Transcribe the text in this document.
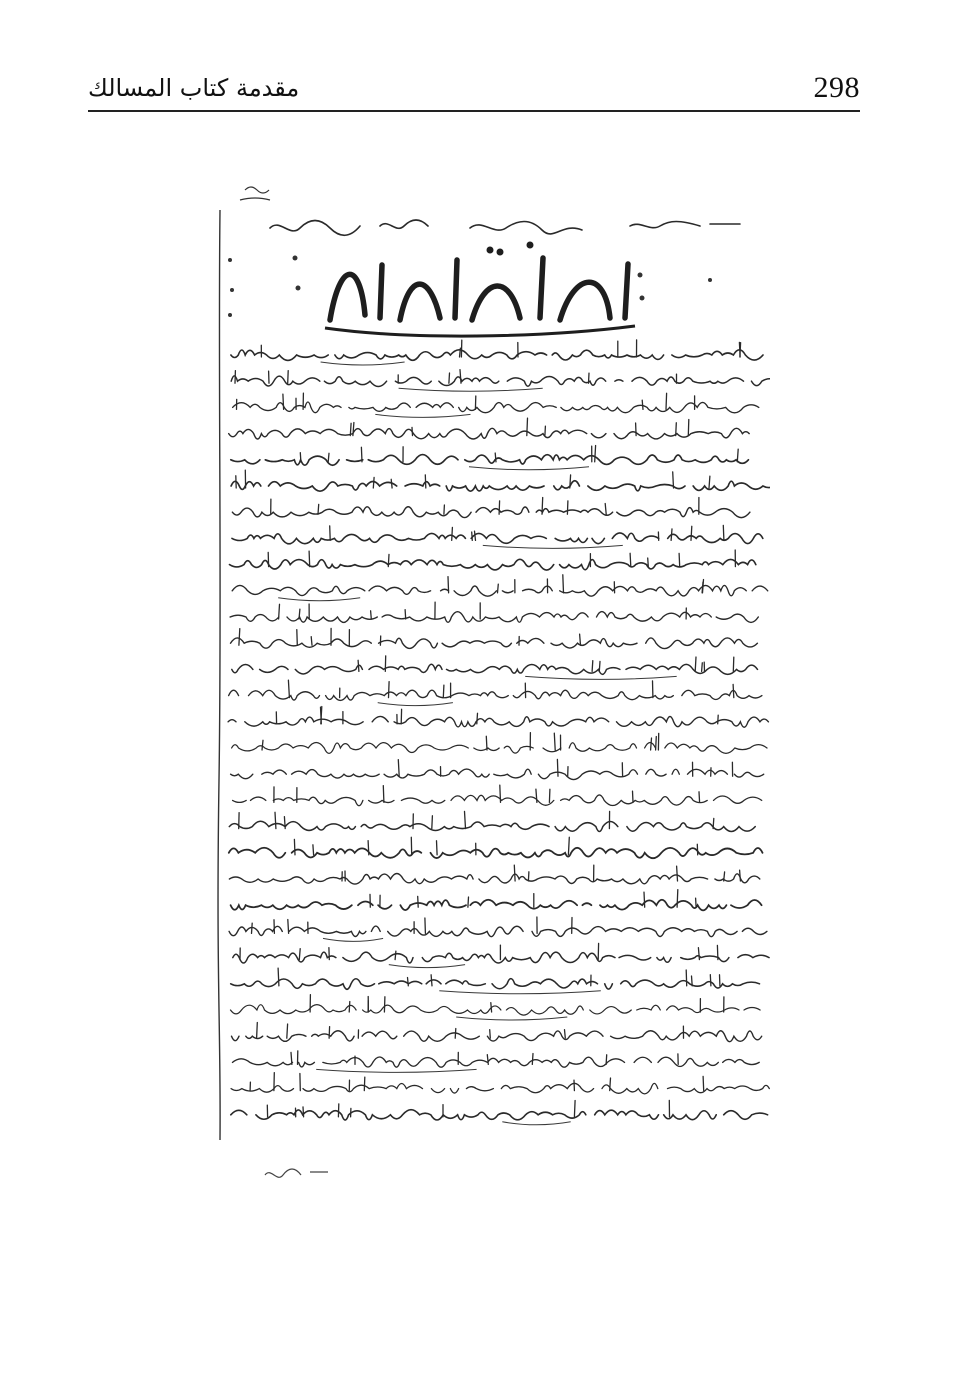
مقدمة كتاب المسالك	298
